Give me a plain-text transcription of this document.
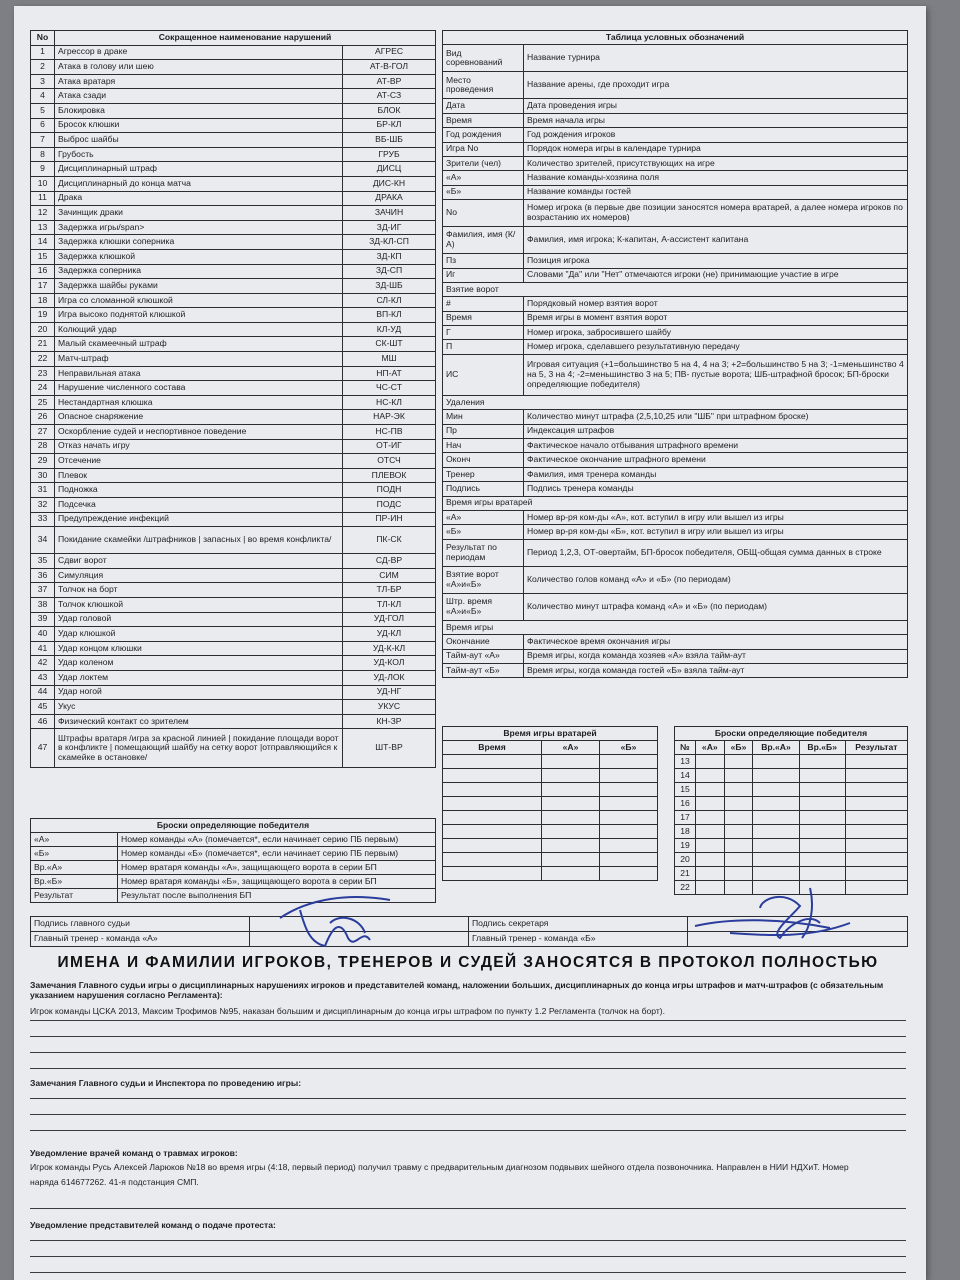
No	Сокращенное наименование нарушений	
1	Агрессор в драке	АГРЕС
2	Атака в голову или шею	АТ-В-ГОЛ
3	Атака вратаря	АТ-ВР
4	Атака сзади	АТ-СЗ
5	Блокировка	БЛОК
6	Бросок клюшки	БР-КЛ
7	Выброс шайбы	ВБ-ШБ
8	Грубость	ГРУБ
9	Дисциплинарный штраф	ДИСЦ
10	Дисциплинарный до конца матча	ДИС-КН
11	Драка	ДРАКА
12	Зачинщик драки	ЗАЧИН
13	Задержка игры/span>	ЗД-ИГ
14	Задержка клюшки соперника	ЗД-КЛ-СП
15	Задержка клюшкой	ЗД-КП
16	Задержка соперника	ЗД-СП
17	Задержка шайбы руками	ЗД-ШБ
18	Игра со сломанной клюшкой	СЛ-КЛ
19	Игра высоко поднятой клюшкой	ВП-КЛ
20	Колющий удар	КЛ-УД
21	Малый скамеечный штраф	СК-ШТ
22	Матч-штраф	МШ
23	Неправильная атака	НП-АТ
24	Нарушение численного состава	ЧС-СТ
25	Нестандартная клюшка	НС-КЛ
26	Опасное снаряжение	НАР-ЭК
27	Оскорбление судей и неспортивное поведение	НС-ПВ
28	Отказ начать игру	ОТ-ИГ
29	Отсечение	ОТСЧ
30	Плевок	ПЛЕВОК
31	Подножка	ПОДН
32	Подсечка	ПОДС
33	Предупреждение инфекций	ПР-ИН
34	Покидание скамейки /штрафников | запасных | во время конфликта/	ПК-СК
35	Сдвиг ворот	СД-ВР
36	Симуляция	СИМ
37	Толчок на борт	ТЛ-БР
38	Толчок клюшкой	ТЛ-КЛ
39	Удар головой	УД-ГОЛ
40	Удар клюшкой	УД-КЛ
41	Удар концом клюшки	УД-К-КЛ
42	Удар коленом	УД-КОЛ
43	Удар локтем	УД-ЛОК
44	Удар ногой	УД-НГ
45	Укус	УКУС
46	Физический контакт со зрителем	КН-ЗР
47	Штрафы вратаря /игра за красной линией | покидание площади ворот в конфликте | помещающий шайбу на сетку ворот |отправляющийся к скамейке в остановке/	ШТ-ВР
Таблица условных обозначений	
Вид соревнований	Название турнира
Место проведения	Название арены, где проходит игра
Дата	Дата проведения игры
Время	Время начала игры
Год рождения	Год рождения игроков
Игра No	Порядок номера игры в календаре турнира
Зрители (чел)	Количество зрителей, присутствующих на игре
«А»	Название команды-хозяина поля
«Б»	Название команды гостей
No	Номер игрока (в первые две позиции заносятся номера вратарей, а далее номера игроков по возрастанию их номеров)
Фамилия, имя (К/А)	Фамилия, имя игрока; К-капитан, А-ассистент капитана
Пз	Позиция игрока
Иг	Словами "Да" или "Нет" отмечаются игроки (не) принимающие участие в игре
Взятие ворот	
#	Порядковый номер взятия ворот
Время	Время игры в момент взятия ворот
Г	Номер игрока, забросившего шайбу
П	Номер игрока, сделавшего результативную передачу
ИС	Игровая ситуация (+1=большинство 5 на 4, 4 на 3; +2=большинство 5 на 3; -1=меньшинство 4 на 5, 3 на 4; -2=меньшинство 3 на 5; ПВ- пустые ворота; ШБ-штрафной бросок; БП-броски определяющие победителя)
Удаления	
Мин	Количество минут штрафа (2,5,10,25 или "ШБ" при штрафном броске)
Пр	Индексация штрафов
Нач	Фактическое начало отбывания штрафного времени
Оконч	Фактическое окончание штрафного времени
Тренер	Фамилия, имя тренера команды
Подпись	Подпись тренера команды
Время игры вратарей	
«А»	Номер вр-ря ком-ды «А», кот. вступил в игру или вышел из игры
«Б»	Номер вр-ря ком-ды «Б», кот. вступил в игру или вышел из игры
Результат по периодам	Период 1,2,3, ОТ-овертайм, БП-бросок победителя, ОБЩ-общая сумма данных в строке
Взятие ворот «А»и«Б»	Количество голов команд «А» и «Б» (по периодам)
Штр. время «А»и«Б»	Количество минут штрафа команд «А» и «Б» (по периодам)
Время игры	
Окончание	Фактическое время окончания игры
Тайм-аут «А»	Время игры, когда команда хозяев «А» взяла тайм-аут
Тайм-аут «Б»	Время игры, когда команда гостей «Б» взяла тайм-аут
Время игры вратарей		
Время	«А»	«Б»

Броски определяющие победителя					
№	«А»	«Б»	Вр.«А»	Вр.«Б»	Результат
13					
14					
15					
16					
17					
18					
19					
20					
21					
22					
Броски определяющие победителя	
«А»	Номер команды «А» (помечается*, если начинает серию ПБ первым)
«Б»	Номер команды «Б» (помечается*, если начинает серию ПБ первым)
Вр.«А»	Номер вратаря команды «А», защищающего ворота в серии БП
Вр.«Б»	Номер вратаря команды «Б», защищающего ворота в серии БП
Результат	Результат после выполнения БП
Подпись главного судьи		Подпись секретаря	
Главный тренер - команда «А»		Главный тренер - команда «Б»	
ИМЕНА И ФАМИЛИИ ИГРОКОВ, ТРЕНЕРОВ И СУДЕЙ ЗАНОСЯТСЯ В ПРОТОКОЛ ПОЛНОСТЬЮ
Замечания Главного судьи игры о дисциплинарных нарушениях игроков и представителей команд, наложении больших, дисциплинарных до конца игры штрафов и матч-штрафов (с обязательным указанием нарушения согласно Регламента):
Игрок команды ЦСКА 2013, Максим Трофимов №95, наказан большим и дисциплинарным до конца игры штрафом по пункту 1.2 Регламента (толчок на борт).
Замечания Главного судьи и Инспектора по проведению игры:
Уведомление врачей команд о травмах игроков:
Игрок команды Русь Алексей Ларюков №18 во время игры (4:18, первый период) получил травму с предварительным диагнозом подвывих шейного отдела позвоночника. Направлен в НИИ НДХиТ. Номер
наряда 614677262. 41-я подстанция СМП.
Уведомление представителей команд о подаче протеста:
